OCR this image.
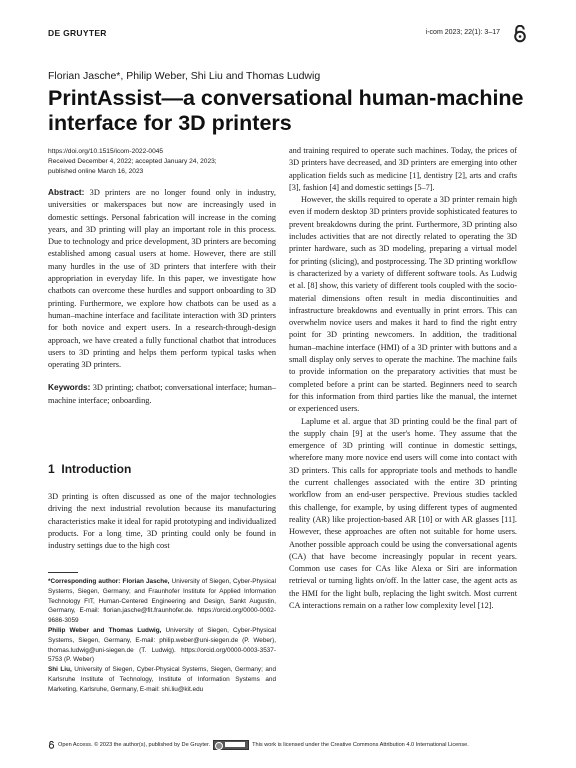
DE GRUYTER	i-com 2023; 22(1): 3–17
Florian Jasche*, Philip Weber, Shi Liu and Thomas Ludwig
PrintAssist—a conversational human-machine interface for 3D printers
https://doi.org/10.1515/icom-2022-0045
Received December 4, 2022; accepted January 24, 2023;
published online March 16, 2023

Abstract: 3D printers are no longer found only in industry, universities or makerspaces but now are increasingly used in domestic settings. Personal fabrication will increase in the coming years, and 3D printing will play an important role in this process. Due to technology and price development, 3D printers are becoming established among casual users at home. However, there are still many hurdles in the use of 3D printers that interfere with their appropriation in everyday life. In this paper, we investigate how chatbots can overcome these hurdles and support onboarding to 3D printing. Furthermore, we explore how chatbots can be used as a human–machine interface and facilitate interaction with 3D printers for both novice and expert users. In a research-through-design approach, we have created a fully functional chatbot that introduces users to 3D printing and helps them perform typical tasks when operating 3D printers.

Keywords: 3D printing; chatbot; conversational interface; human–machine interface; onboarding.

1 Introduction

3D printing is often discussed as one of the major technologies driving the next industrial revolution because its manufacturing characteristics make it ideal for rapid prototyping and individualized products. For a long time, 3D printing could only be found in industry settings due to the high cost

*Corresponding author: Florian Jasche, University of Siegen, Cyber-Physical Systems, Siegen, Germany; and Fraunhofer Institute for Applied Information Technology FIT, Human-Centered Engineering and Design, Sankt Augustin, Germany, E-mail: florian.jasche@fit.fraunhofer.de. https://orcid.org/0000-0002-9686-3059

Philip Weber and Thomas Ludwig, University of Siegen, Cyber-Physical Systems, Siegen, Germany, E-mail: philip.weber@uni-siegen.de (P. Weber), thomas.ludwig@uni-siegen.de (T. Ludwig). https://orcid.org/0000-0003-3537-5753 (P. Weber)

Shi Liu, University of Siegen, Cyber-Physical Systems, Siegen, Germany; and Karlsruhe Institute of Technology, Institute of Information Systems and Marketing, Karlsruhe, Germany, E-mail: shi.liu@kit.edu

and training required to operate such machines. Today, the prices of 3D printers have decreased, and 3D printers are emerging into other application fields such as medicine [1], dentistry [2], arts and crafts [3], fashion [4] and domestic settings [5–7].

However, the skills required to operate a 3D printer remain high even if modern desktop 3D printers provide sophisticated features to prevent breakdowns during the print. Furthermore, 3D printing also includes activities that are not directly related to operating the 3D printer hardware, such as 3D modeling, preparing a virtual model for printing (slicing), and postprocessing. The 3D printing workflow is characterized by a variety of different software tools. As Ludwig et al. [8] show, this variety of different tools coupled with the socio-material dimensions often result in media discontinuities and infrastructure breakdowns and eventually in print errors. This can overwhelm novice users and makes it hard to find the right entry point for 3D printing newcomers. In addition, the traditional human–machine interface (HMI) of a 3D printer with buttons and a small display only serves to operate the machine. The machine fails to provide information on the preparatory activities that must be completed before a print can be started. Beginners need to search for this information from third parties like the manual, the internet or experienced users.

Laplume et al. argue that 3D printing could be the final part of the supply chain [9] at the user's home. They assume that the emergence of 3D printing will continue in domestic settings, wherefore many more novice end users will come into contact with 3D printers. This calls for appropriate tools and methods to handle the current challenges associated with the entire 3D printing workflow from an end-user perspective. Previous studies tackled this challenge, for example, by using different types of augmented reality (AR) like projection-based AR [10] or with AR glasses [11]. However, these approaches are often not suitable for home users. Another possible approach could be using the conversational agents (CA) that have become increasingly popular in recent years. Common use cases for CAs like Alexa or Siri are information retrieval or turning lights on/off. In the latter case, the agent acts as the HMI for the light bulb, replacing the light switch. Most current CA interactions remain on a rather low complexity level [12].

Open Access. © 2023 the author(s), published by De Gruyter.	This work is licensed under the Creative Commons Attribution 4.0 International License.
